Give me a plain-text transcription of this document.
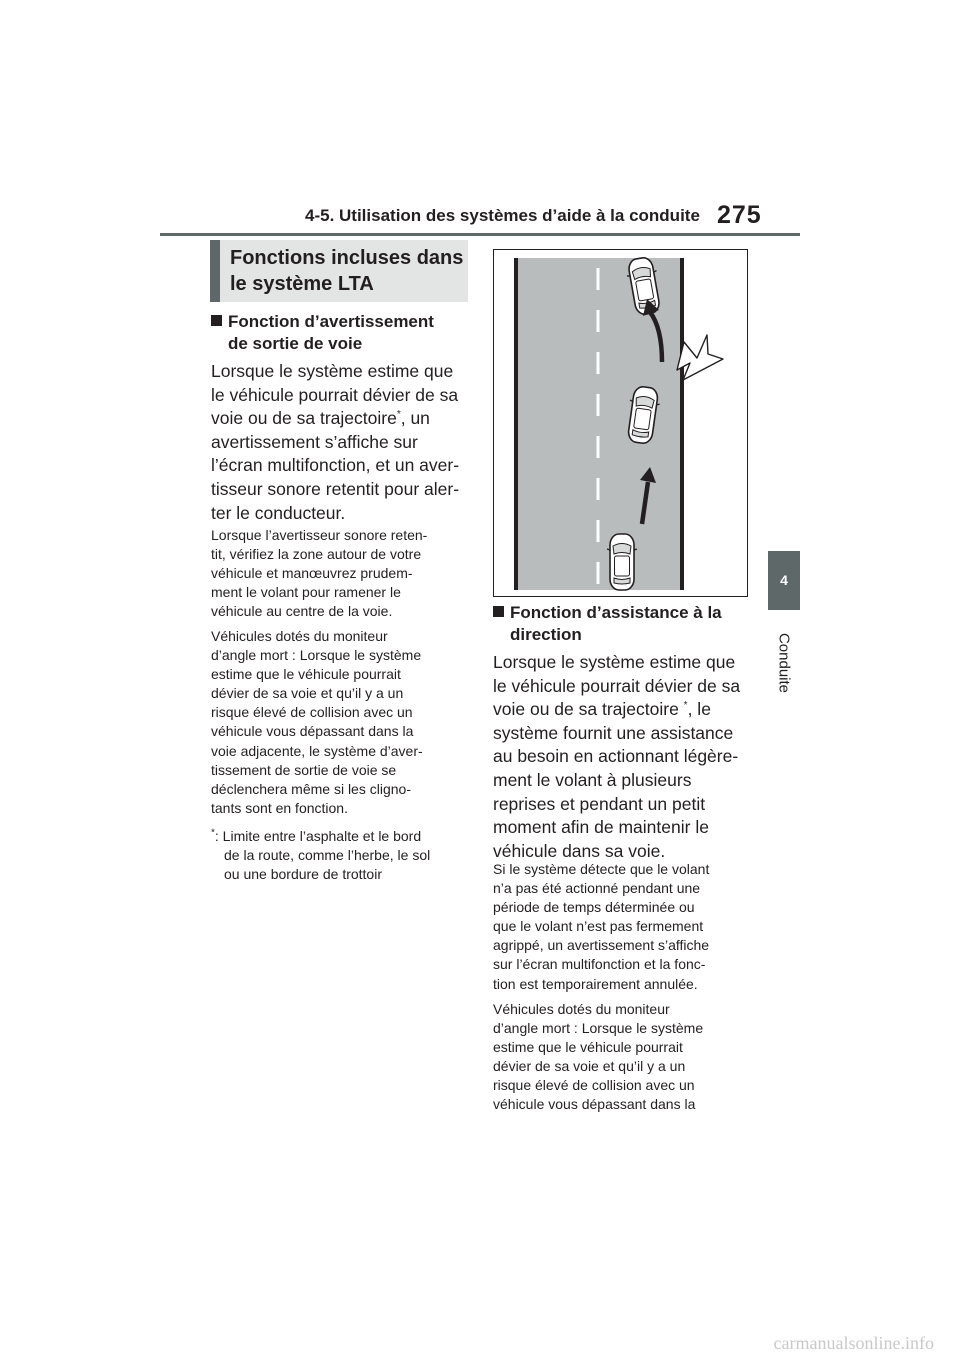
4-5. Utilisation des systèmes d’aide à la conduite 275
4
Conduite
Fonctions incluses dans
le système LTA
Fonction d’avertissement
de sortie de voie
Lorsque le système estime que
le véhicule pourrait dévier de sa
voie ou de sa trajectoire*, un
avertissement s’affiche sur
l’écran multifonction, et un aver-
tisseur sonore retentit pour aler-
ter le conducteur.
Lorsque l’avertisseur sonore reten-
tit, vérifiez la zone autour de votre
véhicule et manœuvrez prudem-
ment le volant pour ramener le
véhicule au centre de la voie.
Véhicules dotés du moniteur
d’angle mort : Lorsque le système
estime que le véhicule pourrait
dévier de sa voie et qu’il y a un
risque élevé de collision avec un
véhicule vous dépassant dans la
voie adjacente, le système d’aver-
tissement de sortie de voie se
déclenchera même si les cligno-
tants sont en fonction.
*: Limite entre l’asphalte et le bord
de la route, comme l’herbe, le sol
ou une bordure de trottoir
Fonction d’assistance à la
direction
Lorsque le système estime que
le véhicule pourrait dévier de sa
voie ou de sa trajectoire *, le
système fournit une assistance
au besoin en actionnant légère-
ment le volant à plusieurs
reprises et pendant un petit
moment afin de maintenir le
véhicule dans sa voie.
Si le système détecte que le volant
n’a pas été actionné pendant une
période de temps déterminée ou
que le volant n’est pas fermement
agrippé, un avertissement s’affiche
sur l’écran multifonction et la fonc-
tion est temporairement annulée.
Véhicules dotés du moniteur
d’angle mort : Lorsque le système
estime que le véhicule pourrait
dévier de sa voie et qu’il y a un
risque élevé de collision avec un
véhicule vous dépassant dans la
carmanualsonline.info
